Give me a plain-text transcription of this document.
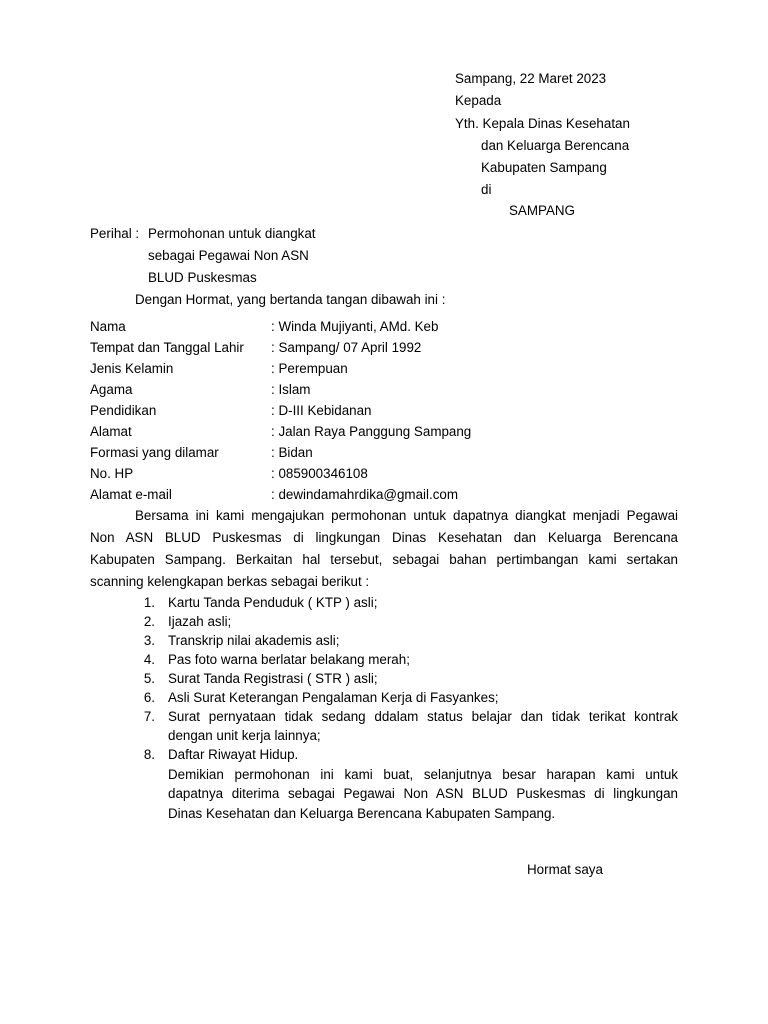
Sampang, 22 Maret 2023
Kepada
Yth. Kepala Dinas Kesehatan
dan Keluarga Berencana
Kabupaten Sampang
di
SAMPANG
Perihal : Permohonan untuk diangkat
sebagai Pegawai Non ASN
BLUD Puskesmas
Dengan Hormat, yang bertanda tangan dibawah ini :
Nama	: Winda Mujiyanti, AMd. Keb
Tempat dan Tanggal Lahir : Sampang/ 07 April 1992
Jenis Kelamin	: Perempuan
Agama	: Islam
Pendidikan	: D-III Kebidanan
Alamat	: Jalan Raya Panggung Sampang
Formasi yang dilamar	: Bidan
No. HP	: 085900346108
Alamat e-mail	: dewindamahrdika@gmail.com
Bersama ini kami mengajukan permohonan untuk dapatnya diangkat menjadi Pegawai
Non ASN BLUD Puskesmas di lingkungan Dinas Kesehatan dan Keluarga Berencana
Kabupaten Sampang. Berkaitan hal tersebut, sebagai bahan pertimbangan kami sertakan
scanning kelengkapan berkas sebagai berikut :
1. Kartu Tanda Penduduk ( KTP ) asli;
2. Ijazah asli;
3. Transkrip nilai akademis asli;
4. Pas foto warna berlatar belakang merah;
5. Surat Tanda Registrasi ( STR ) asli;
6. Asli Surat Keterangan Pengalaman Kerja di Fasyankes;
7. Surat pernyataan tidak sedang ddalam status belajar dan tidak terikat kontrak
dengan unit kerja lainnya;
8. Daftar Riwayat Hidup.
Demikian permohonan ini kami buat, selanjutnya besar harapan kami untuk
dapatnya diterima sebagai Pegawai Non ASN BLUD Puskesmas di lingkungan
Dinas Kesehatan dan Keluarga Berencana Kabupaten Sampang.
Hormat saya
